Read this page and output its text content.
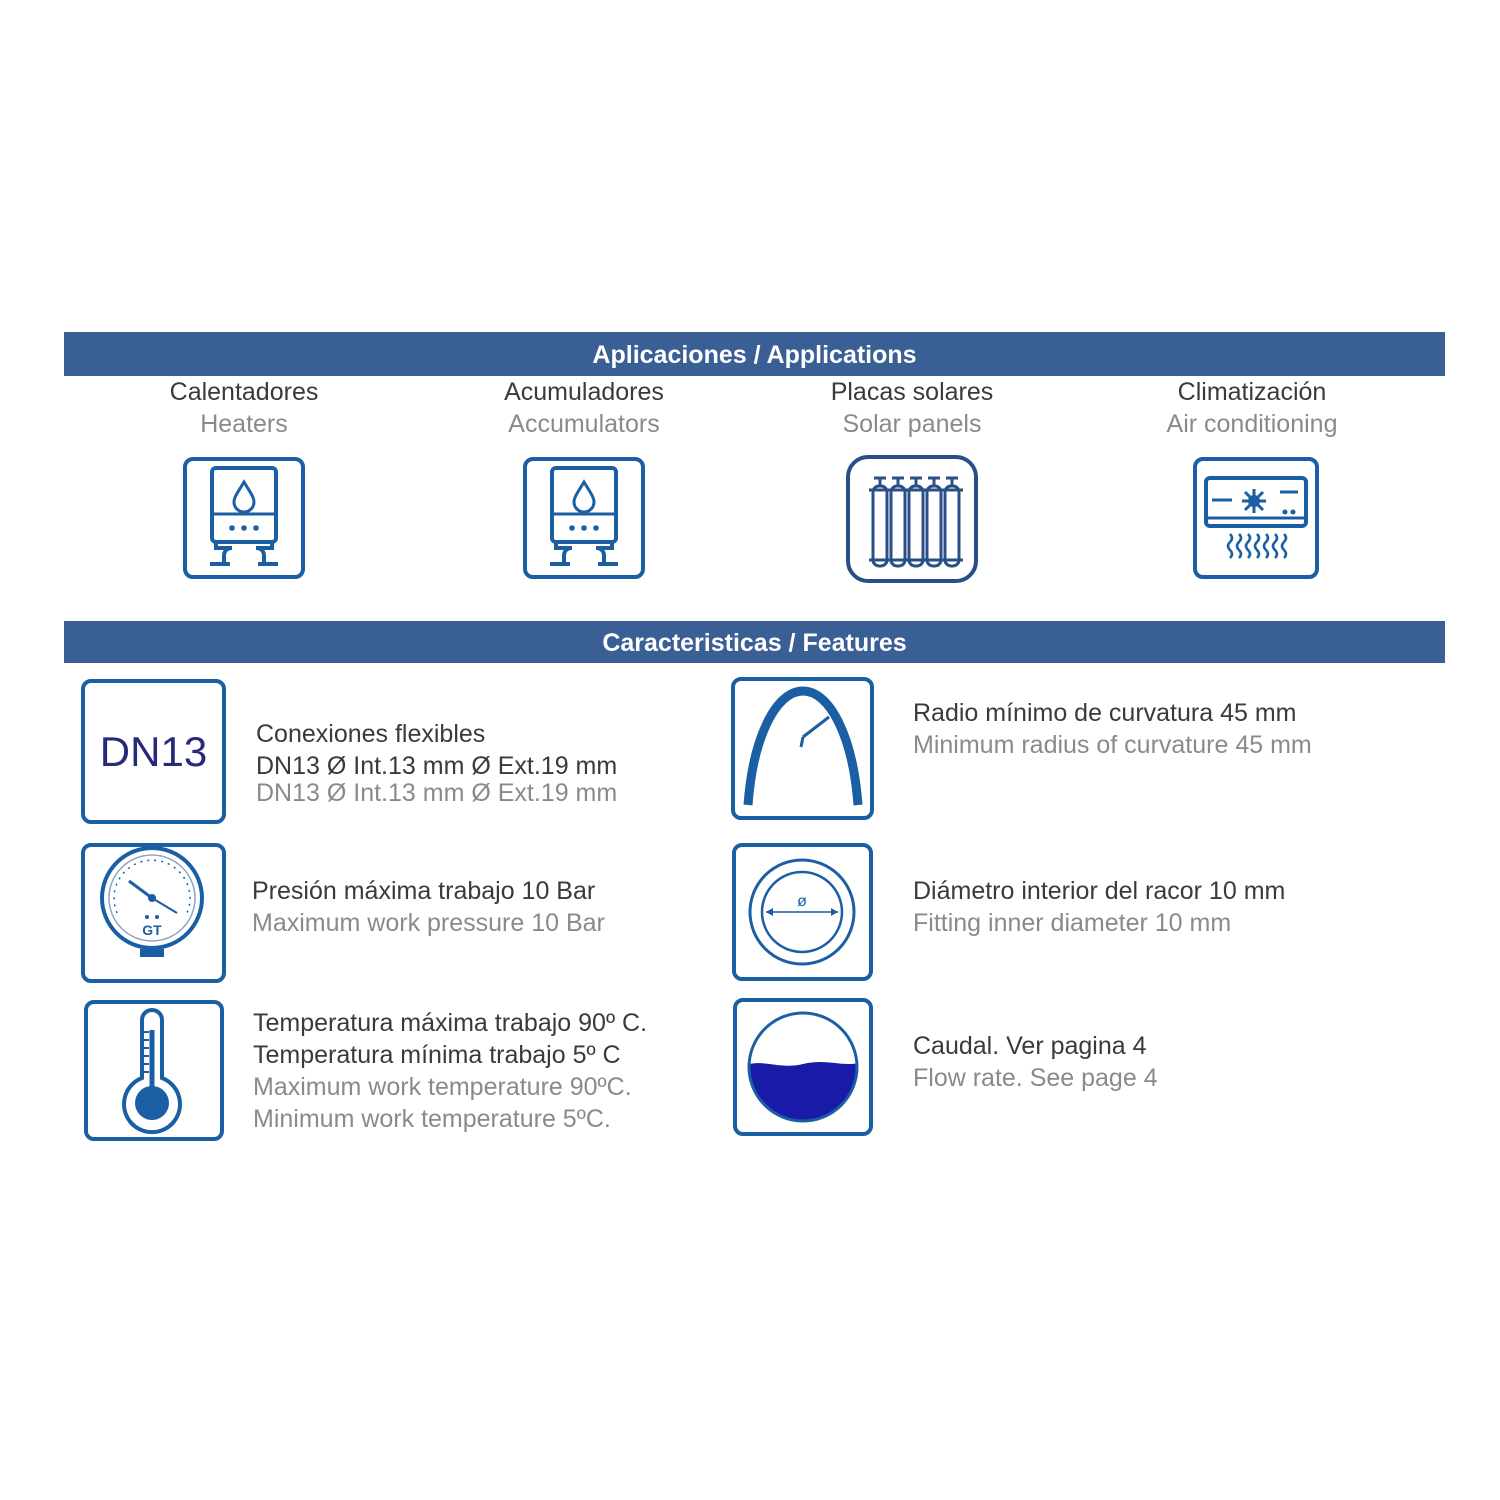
Aplicaciones / Applications
Calentadores
Heaters
Acumuladores
Accumulators
Placas solares
Solar panels
Climatización
Air conditioning
Caracteristicas / Features
DN13	Conexiones flexibles
DN13 Ø Int.13 mm Ø Ext.19 mm
DN13 Ø Int.13 mm Ø Ext.19 mm
Radio mínimo de curvatura 45 mm
Minimum radius of curvature 45 mm
GT
Presión máxima trabajo 10 Bar
Maximum work pressure 10 Bar
ø	Diámetro interior del racor 10 mm
Fitting inner diameter 10 mm
Temperatura máxima trabajo 90º C.
Temperatura mínima trabajo 5º C
Maximum work temperature 90ºC.
Minimum work temperature 5ºC.
Caudal. Ver pagina 4
Flow rate. See page 4
